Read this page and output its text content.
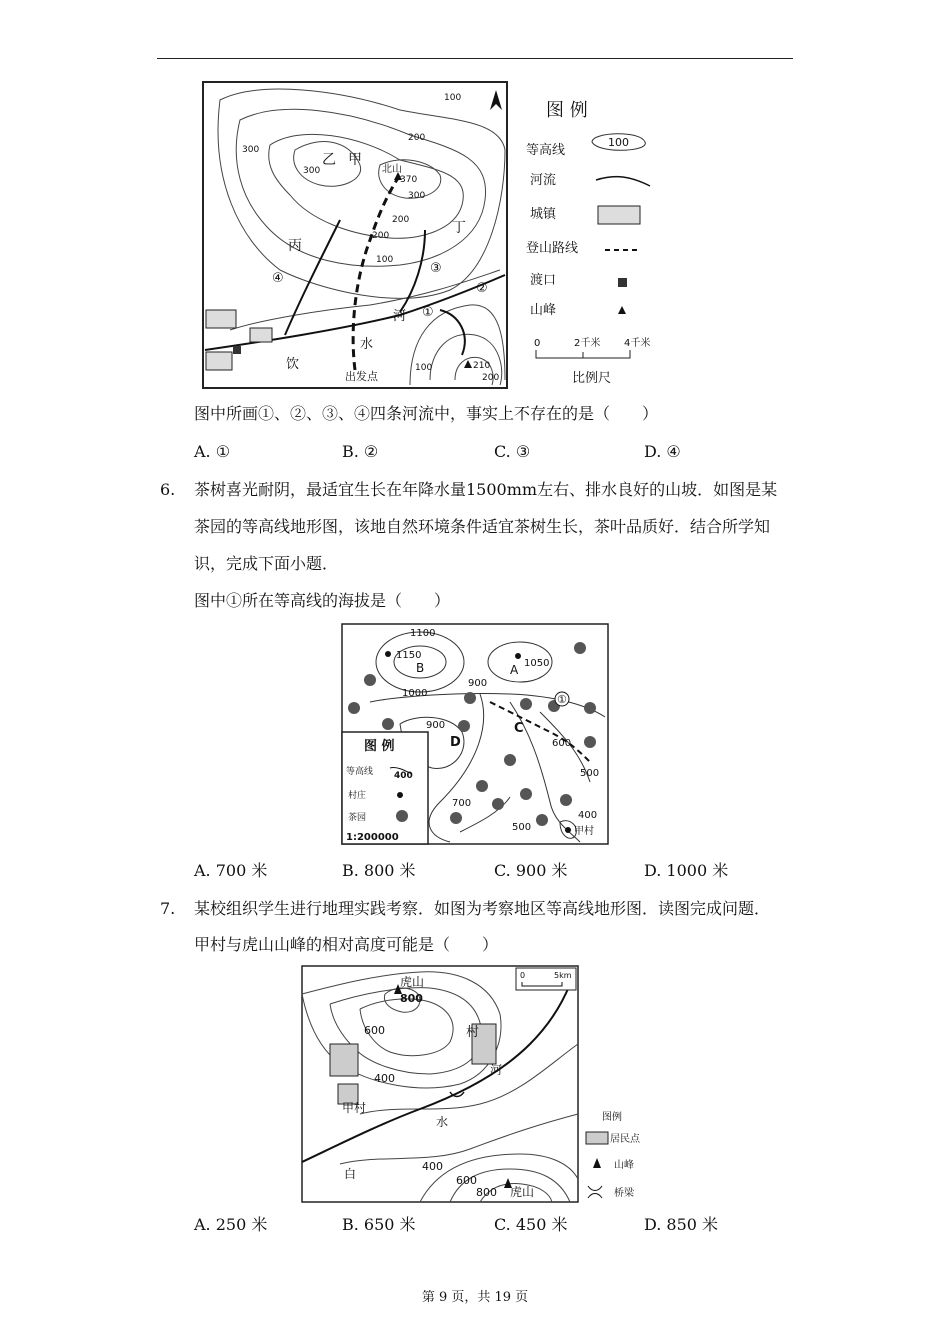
100
200
300
300
200
300
200
100
200
100
370
北山
210
乙 甲
丙
丁
①
②
③
④
河
水
饮
出发点
图 例
等高线
100
河流
城镇
登山路线
渡口
山峰
0	2千米 4千米
比例尺
图中所画①、②、③、④四条河流中，事实上不存在的是（　　）
A. ①	B. ②	C. ③	D. ④
6. 茶树喜光耐阴，最适宜生长在年降水量1500mm左右、排水良好的山坡．如图是某
茶园的等高线地形图，该地自然环境条件适宜茶树生长，茶叶品质好．结合所学知
识，完成下面小题．
图中①所在等高线的海拔是（　　）
1100
1150
1050
1000
900
900
600
500
400
700
500
B	A
C
D
①
甲村
图 例
等高线 400
村庄
茶园
1:200000
A. 700 米	B. 800 米	C. 900 米	D. 1000 米
7. 某校组织学生进行地理实践考察．如图为考察地区等高线地形图．读图完成问题．
甲村与虎山山峰的相对高度可能是（　　）
0	5km
虎山
虎山
800
600
400
400
600
800
村
甲村
河
水
白
图例
居民点
山峰
桥梁
A. 250 米	B. 650 米	C. 450 米	D. 850 米
第 9 页，共 19 页
